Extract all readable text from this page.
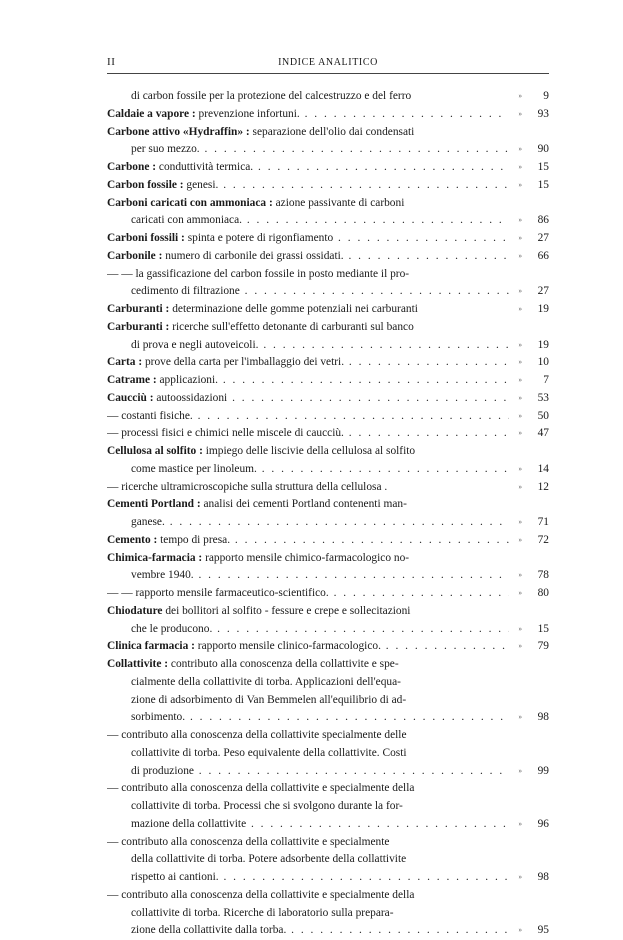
II	INDICE ANALITICO
di carbon fossile per la protezione del calcestruzzo e del ferro	»	9
Caldaie a vapore : prevenzione infortuni. . . .	»	93
Carbone attivo «Hydraffin» : separazione dell'olio dai condensati
per suo mezzo. . . .	»	90
Carbone : conduttività termica. . . .	»	15
Carbon fossile : genesi. . . .	»	15
Carboni caricati con ammoniaca : azione passivante di carboni
caricati con ammoniaca. . . .	»	86
Carboni fossili : spinta e potere di rigonfiamento . . .	»	27
Carbonile : numero di carbonile dei grassi ossidati. . . .	»	66
— — la gassificazione del carbon fossile in posto mediante il pro-
cedimento di filtrazione . . .	»	27
Carburanti : determinazione delle gomme potenziali nei carburanti	»	19
Carburanti : ricerche sull'effetto detonante di carburanti sul banco
di prova e negli autoveicoli. . . .	»	19
Carta : prove della carta per l'imballaggio dei vetri. . . .	»	10
Catrame : applicazioni. . . .	»	7
Caucciù : autoossidazioni . . .	»	53
— costanti fisiche. . . .	»	50
— processi fisici e chimici nelle miscele di caucciù. . . .	»	47
Cellulosa al solfito : impiego delle liscivie della cellulosa al solfito
come mastice per linoleum. . . .	»	14
— ricerche ultramicroscopiche sulla struttura della cellulosa .	»	12
Cementi Portland : analisi dei cementi Portland contenenti man-
ganese. . . .	»	71
Cemento : tempo di presa. . . .	»	72
Chimica-farmacia : rapporto mensile chimico-farmacologico no-
vembre 1940. . . .	»	78
— — rapporto mensile farmaceutico-scientifico. . . .	»	80
Chiodature dei bollitori al solfito - fessure e crepe e sollecitazioni
che le producono. . . .	»	15
Clinica farmacia : rapporto mensile clinico-farmacologico. . . .	»	79
Collattivite : contributo alla conoscenza della collattivite e spe-
cialmente della collattivite di torba. Applicazioni dell'equa-
zione di adsorbimento di Van Bemmelen all'equilibrio di ad-
sorbimento. . . .	»	98
— contributo alla conoscenza della collattivite specialmente delle
collattivite di torba. Peso equivalente della collattivite. Costi
di produzione . . .	»	99
— contributo alla conoscenza della collattivite e specialmente della
collattivite di torba. Processi che si svolgono durante la for-
mazione della collattivite . . .	»	96
— contributo alla conoscenza della collattivite e specialmente
della collattivite di torba. Potere adsorbente della collattivite
rispetto ai cantioni. . . .	»	98
— contributo alla conoscenza della collattivite e specialmente della
collattivite di torba. Ricerche di laboratorio sulla prepara-
zione della collattivite dalla torba. . . .	»	95
